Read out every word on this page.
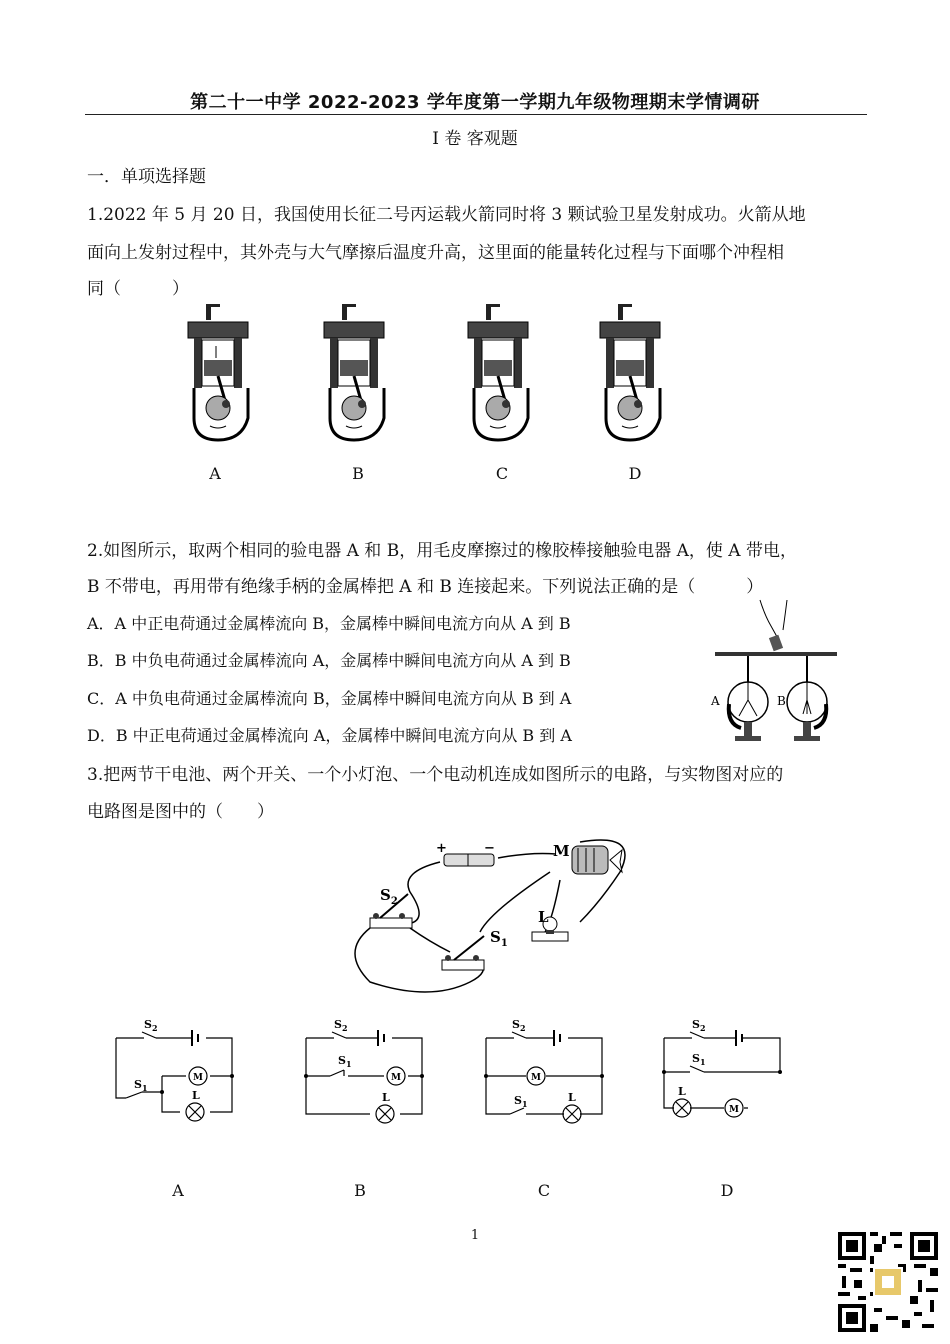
第二十一中学 2022-2023 学年度第一学期九年级物理期末学情调研
I 卷 客观题
一．单项选择题
1.2022 年 5 月 20 日，我国使用长征二号丙运载火箭同时将 3 颗试验卫星发射成功。火箭从地
面向上发射过程中，其外壳与大气摩擦后温度升高，这里面的能量转化过程与下面哪个冲程相
同（　　　）
A	B	C	D
2.如图所示，取两个相同的验电器 A 和 B，用毛皮摩擦过的橡胶棒接触验电器 A，使 A 带电，
B 不带电，再用带有绝缘手柄的金属棒把 A 和 B 连接起来。下列说法正确的是（　　　）
A．A 中正电荷通过金属棒流向 B，金属棒中瞬间电流方向从 A 到 B
B．B 中负电荷通过金属棒流向 A，金属棒中瞬间电流方向从 A 到 B
C．A 中负电荷通过金属棒流向 B，金属棒中瞬间电流方向从 B 到 A
D．B 中正电荷通过金属棒流向 A，金属棒中瞬间电流方向从 B 到 A
A	B
3.把两节干电池、两个开关、一个小灯泡、一个电动机连成如图所示的电路，与实物图对应的
电路图是图中的（　　）
+	−	M
$S_2$
$S_1$
L
$S_2$
$S_1$
M
L
$S_2$
$S_1$
M
L
$S_2$
M
$S_1$	L
$S_2$
$S_1$
L
M
A	B	C	D
1
